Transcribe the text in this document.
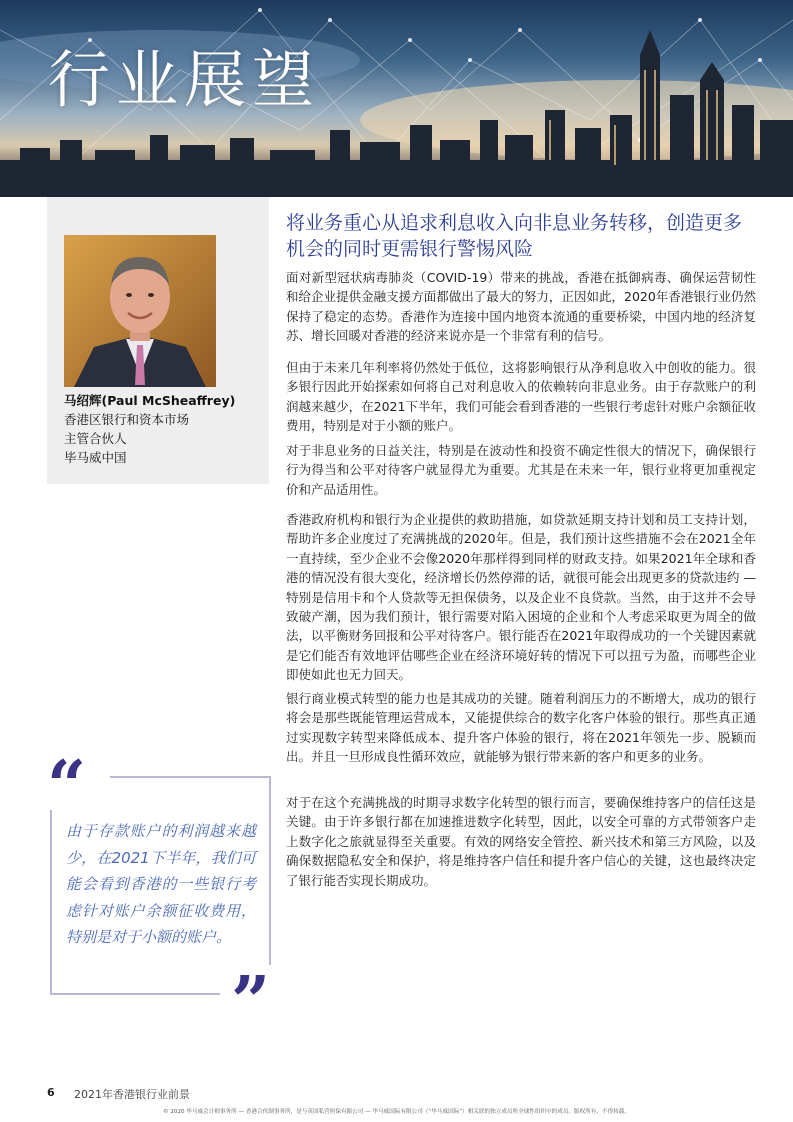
行业展望
马绍辉(Paul McSheaffrey)
香港区银行和资本市场
主管合伙人
毕马威中国
“
”
由于存款账户的利润越来越少，在2021下半年，我们可能会看到香港的一些银行考虑针对账户余额征收费用，特别是对于小额的账户。
将业务重心从追求利息收入向非息业务转移，创造更多机会的同时更需银行警惕风险

面对新型冠状病毒肺炎（COVID-19）带来的挑战，香港在抵御病毒、确保运营韧性和给企业提供金融支援方面都做出了最大的努力，正因如此，2020年香港银行业仍然保持了稳定的态势。香港作为连接中国内地资本流通的重要桥梁，中国内地的经济复苏、增长回暖对香港的经济来说亦是一个非常有利的信号。

但由于未来几年利率将仍然处于低位，这将影响银行从净利息收入中创收的能力。很多银行因此开始探索如何将自己对利息收入的依赖转向非息业务。由于存款账户的利润越来越少，在2021下半年，我们可能会看到香港的一些银行考虑针对账户余额征收费用，特别是对于小额的账户。

对于非息业务的日益关注，特别是在波动性和投资不确定性很大的情况下，确保银行行为得当和公平对待客户就显得尤为重要。尤其是在未来一年，银行业将更加重视定价和产品适用性。

香港政府机构和银行为企业提供的救助措施，如贷款延期支持计划和员工支持计划，帮助许多企业度过了充满挑战的2020年。但是，我们预计这些措施不会在2021全年一直持续，至少企业不会像2020年那样得到同样的财政支持。如果2021年全球和香港的情况没有很大变化，经济增长仍然停滞的话，就很可能会出现更多的贷款违约 — 特别是信用卡和个人贷款等无担保债务，以及企业不良贷款。当然，由于这并不会导致破产潮，因为我们预计，银行需要对陷入困境的企业和个人考虑采取更为周全的做法，以平衡财务回报和公平对待客户。银行能否在2021年取得成功的一个关键因素就是它们能否有效地评估哪些企业在经济环境好转的情况下可以扭亏为盈，而哪些企业即使如此也无力回天。

银行商业模式转型的能力也是其成功的关键。随着利润压力的不断增大，成功的银行将会是那些既能管理运营成本，又能提供综合的数字化客户体验的银行。那些真正通过实现数字转型来降低成本、提升客户体验的银行，将在2021年领先一步、脱颖而出。并且一旦形成良性循环效应，就能够为银行带来新的客户和更多的业务。

对于在这个充满挑战的时期寻求数字化转型的银行而言，要确保维持客户的信任这是关键。由于许多银行都在加速推进数字化转型，因此，以安全可靠的方式带领客户走上数字化之旅就显得至关重要。有效的网络安全管控、新兴技术和第三方风险，以及确保数据隐私安全和保护，将是维持客户信任和提升客户信心的关键，这也最终决定了银行能否实现长期成功。

6 2021年香港银行业前景
© 2020 毕马威会计师事务所 — 香港合伙制事务所，是与英国私营担保有限公司 — 毕马威国际有限公司（“毕马威国际”）相关联的独立成员所全球性组织中的成员。版权所有，不得转载。
